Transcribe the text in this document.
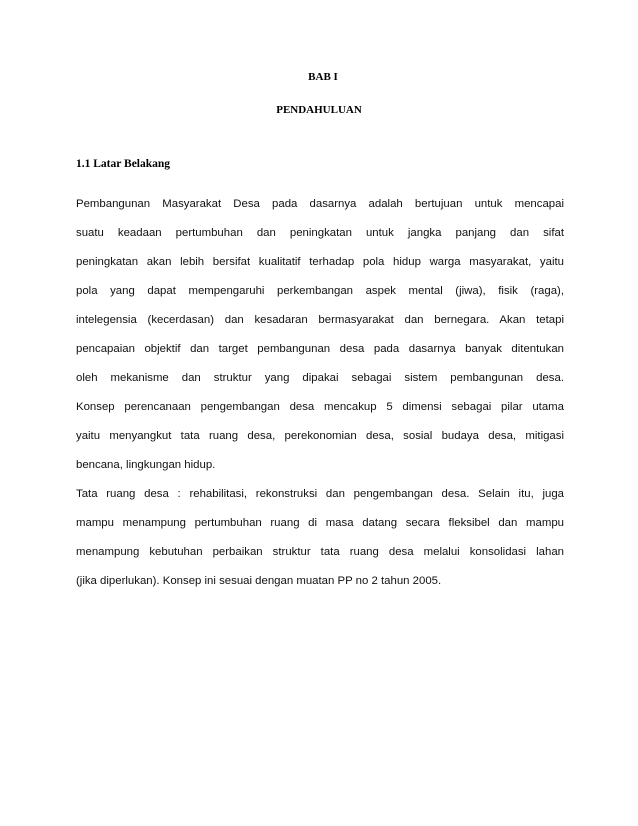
BAB I
PENDAHULUAN
1.1 Latar Belakang
Pembangunan Masyarakat Desa pada dasarnya adalah bertujuan untuk mencapai
suatu keadaan pertumbuhan dan peningkatan untuk jangka panjang dan sifat
peningkatan akan lebih bersifat kualitatif terhadap pola hidup warga masyarakat, yaitu
pola yang dapat mempengaruhi perkembangan aspek mental (jiwa), fisik (raga),
intelegensia (kecerdasan) dan kesadaran bermasyarakat dan bernegara. Akan tetapi
pencapaian objektif dan target pembangunan desa pada dasarnya banyak ditentukan
oleh mekanisme dan struktur yang dipakai sebagai sistem pembangunan desa.
Konsep perencanaan pengembangan desa mencakup 5 dimensi sebagai pilar utama
yaitu menyangkut tata ruang desa, perekonomian desa, sosial budaya desa, mitigasi
bencana, lingkungan hidup.
Tata ruang desa : rehabilitasi, rekonstruksi dan pengembangan desa. Selain itu, juga
mampu menampung pertumbuhan ruang di masa datang secara fleksibel dan mampu
menampung kebutuhan perbaikan struktur tata ruang desa melalui konsolidasi lahan
(jika diperlukan). Konsep ini sesuai dengan muatan PP no 2 tahun 2005.
